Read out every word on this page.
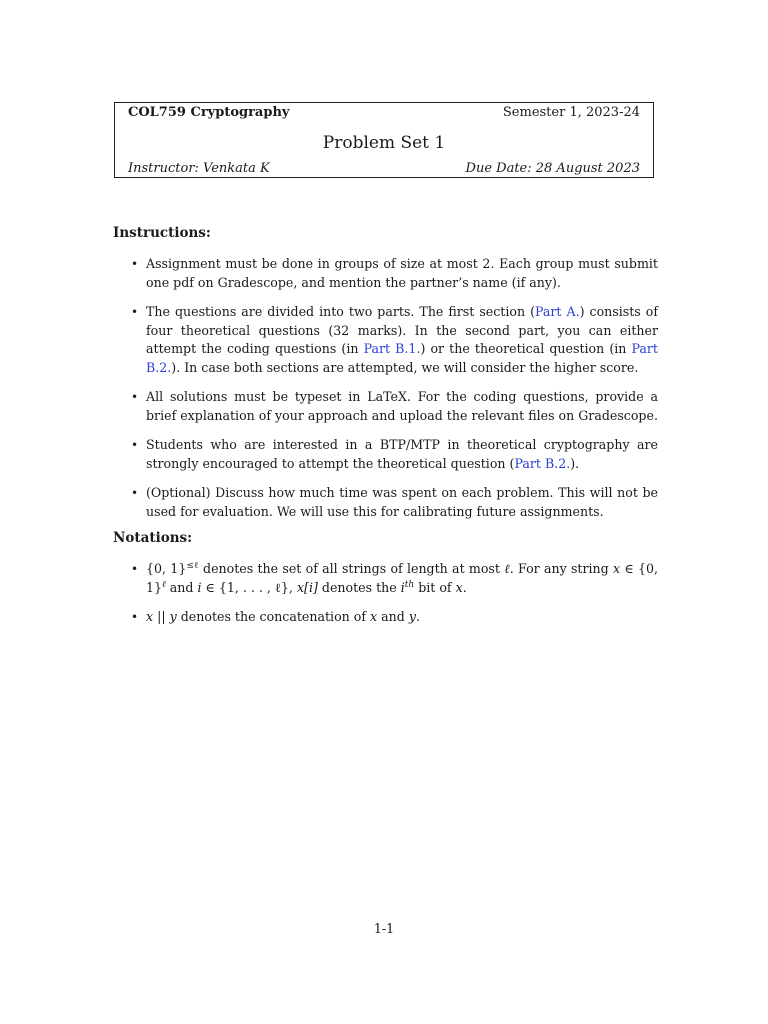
COL759 Cryptography	Semester 1, 2023-24
Problem Set 1
Instructor: Venkata K	Due Date: 28 August 2023
Instructions:
• Assignment must be done in groups of size at most 2. Each group must submit one pdf on Gradescope, and mention the partner’s name (if any).
• The questions are divided into two parts. The first section (Part A.) consists of four theoretical questions (32 marks). In the second part, you can either attempt the coding questions (in Part B.1.) or the theoretical question (in Part B.2.). In case both sections are attempted, we will consider the higher score.
• All solutions must be typeset in LaTeX. For the coding questions, provide a brief explanation of your approach and upload the relevant files on Gradescope.
• Students who are interested in a BTP/MTP in theoretical cryptography are strongly encouraged to attempt the theoretical question (Part B.2.).
• (Optional) Discuss how much time was spent on each problem. This will not be used for evaluation. We will use this for calibrating future assignments.
Notations:
• {0, 1}$^{\le\ell}$ denotes the set of all strings of length at most ℓ. For any string x ∈ {0, 1}$^\ell$ and i ∈ {1, . . . , ℓ}, x[i] denotes the $i^{th}$ bit of x.
• x || y denotes the concatenation of x and y.
1-1
